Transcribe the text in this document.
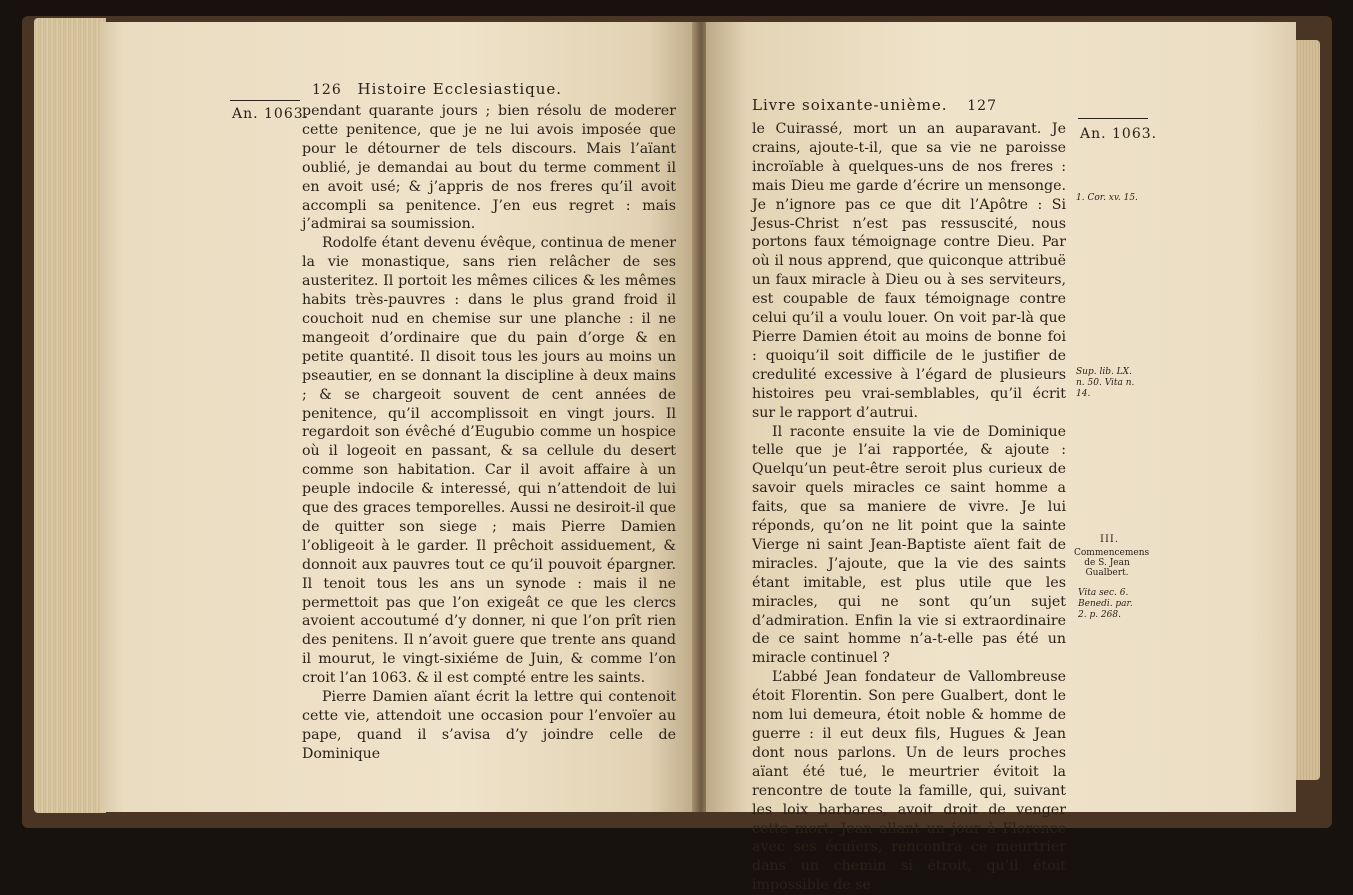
126 Histoire Ecclesiastique.
An. 1063.

pendant quarante jours ; bien résolu de moderer cette penitence, que je ne lui avois imposée que pour le détourner de tels discours. Mais l’aïant oublié, je demandai au bout du terme comment il en avoit usé; & j’appris de nos freres qu’il avoit accompli sa penitence. J’en eus regret : mais j’admirai sa soumission.

Rodolfe étant devenu évêque, continua de mener la vie monastique, sans rien relâcher de ses austeritez. Il portoit les mêmes cilices & les mêmes habits très-pauvres : dans le plus grand froid il couchoit nud en chemise sur une planche : il ne mangeoit d’ordinaire que du pain d’orge & en petite quantité. Il disoit tous les jours au moins un pseautier, en se donnant la discipline à deux mains ; & se chargeoit souvent de cent années de penitence, qu’il accomplissoit en vingt jours. Il regardoit son évêché d’Eugubio comme un hospice où il logeoit en passant, & sa cellule du desert comme son habitation. Car il avoit affaire à un peuple indocile & interessé, qui n’attendoit de lui que des graces temporelles. Aussi ne desiroit-il que de quitter son siege ; mais Pierre Damien l’obligeoit à le garder. Il prêchoit assiduement, & donnoit aux pauvres tout ce qu’il pouvoit épargner. Il tenoit tous les ans un synode : mais il ne permettoit pas que l’on exigeât ce que les clercs avoient accoutumé d’y donner, ni que l’on prît rien des penitens. Il n’avoit guere que trente ans quand il mourut, le vingt-sixiéme de Juin, & comme l’on croit l’an 1063. & il est compté entre les saints.

Pierre Damien aïant écrit la lettre qui contenoit cette vie, attendoit une occasion pour l’envoïer au pape, quand il s’avisa d’y joindre celle de Dominique

Livre soixante-unième. 127
An. 1063.

le Cuirassé, mort un an auparavant. Je crains, ajoute-t-il, que sa vie ne paroisse incroïable à quelques-uns de nos freres : mais Dieu me garde d’écrire un mensonge. Je n’ignore pas ce que dit l’Apôtre : Si Jesus-Christ n’est pas ressuscité, nous portons faux témoignage contre Dieu. Par où il nous apprend, que quiconque attribuë un faux miracle à Dieu ou à ses serviteurs, est coupable de faux témoignage contre celui qu’il a voulu louer. On voit par-là que Pierre Damien étoit au moins de bonne foi : quoiqu’il soit difficile de le justifier de credulité excessive à l’égard de plusieurs histoires peu vrai-semblables, qu’il écrit sur le rapport d’autrui.

Il raconte ensuite la vie de Dominique telle que je l’ai rapportée, & ajoute : Quelqu’un peut-être seroit plus curieux de savoir quels miracles ce saint homme a faits, que sa maniere de vivre. Je lui réponds, qu’on ne lit point que la sainte Vierge ni saint Jean-Baptiste aïent fait de miracles. J’ajoute, que la vie des saints étant imitable, est plus utile que les miracles, qui ne sont qu’un sujet d’admiration. Enfin la vie si extraordinaire de ce saint homme n’a-t-elle pas été un miracle continuel ?

L’abbé Jean fondateur de Vallombreuse étoit Florentin. Son pere Gualbert, dont le nom lui demeura, étoit noble & homme de guerre : il eut deux fils, Hugues & Jean dont nous parlons. Un de leurs proches aïant été tué, le meurtrier évitoit la rencontre de toute la famille, qui, suivant les loix barbares, avoit droit de venger cette mort. Jean allant un jour à Florence avec ses écuïers, rencontra ce meurtrier dans un chemin si étroit, qu’il étoit impossible de se

1. Cor. xv. 15.
Sup. lib. LX. n. 50. Vita n. 14.
III.
Commencemens de S. Jean Gualbert.
Vita sec. 6. Benedi. par. 2. p. 268.
